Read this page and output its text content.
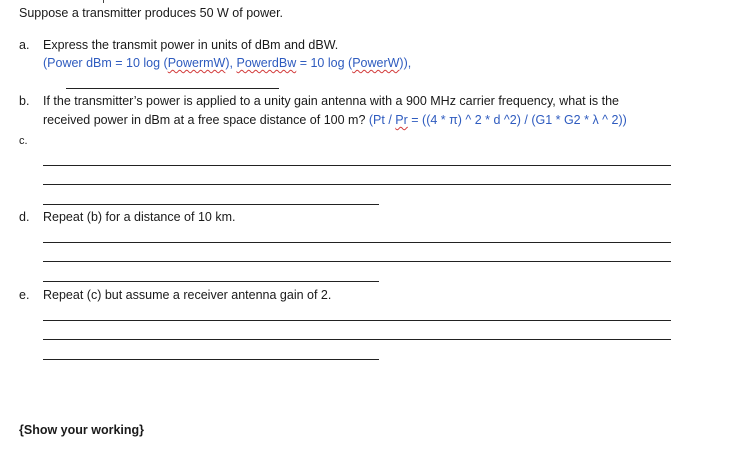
Suppose a transmitter produces 50 W of power.
a. Express the transmit power in units of dBm and dBW.
(Power dBm = 10 log (PowermW), PowerdBw = 10 log (PowerW)),
b. If the transmitter’s power is applied to a unity gain antenna with a 900 MHz carrier frequency, what is the
received power in dBm at a free space distance of 100 m? (Pt / Pr = ((4 * π) ^ 2 * d ^2) / (G1 * G2 * λ ^ 2))
c.
d. Repeat (b) for a distance of 10 km.
e. Repeat (c) but assume a receiver antenna gain of 2.
{Show your working}
